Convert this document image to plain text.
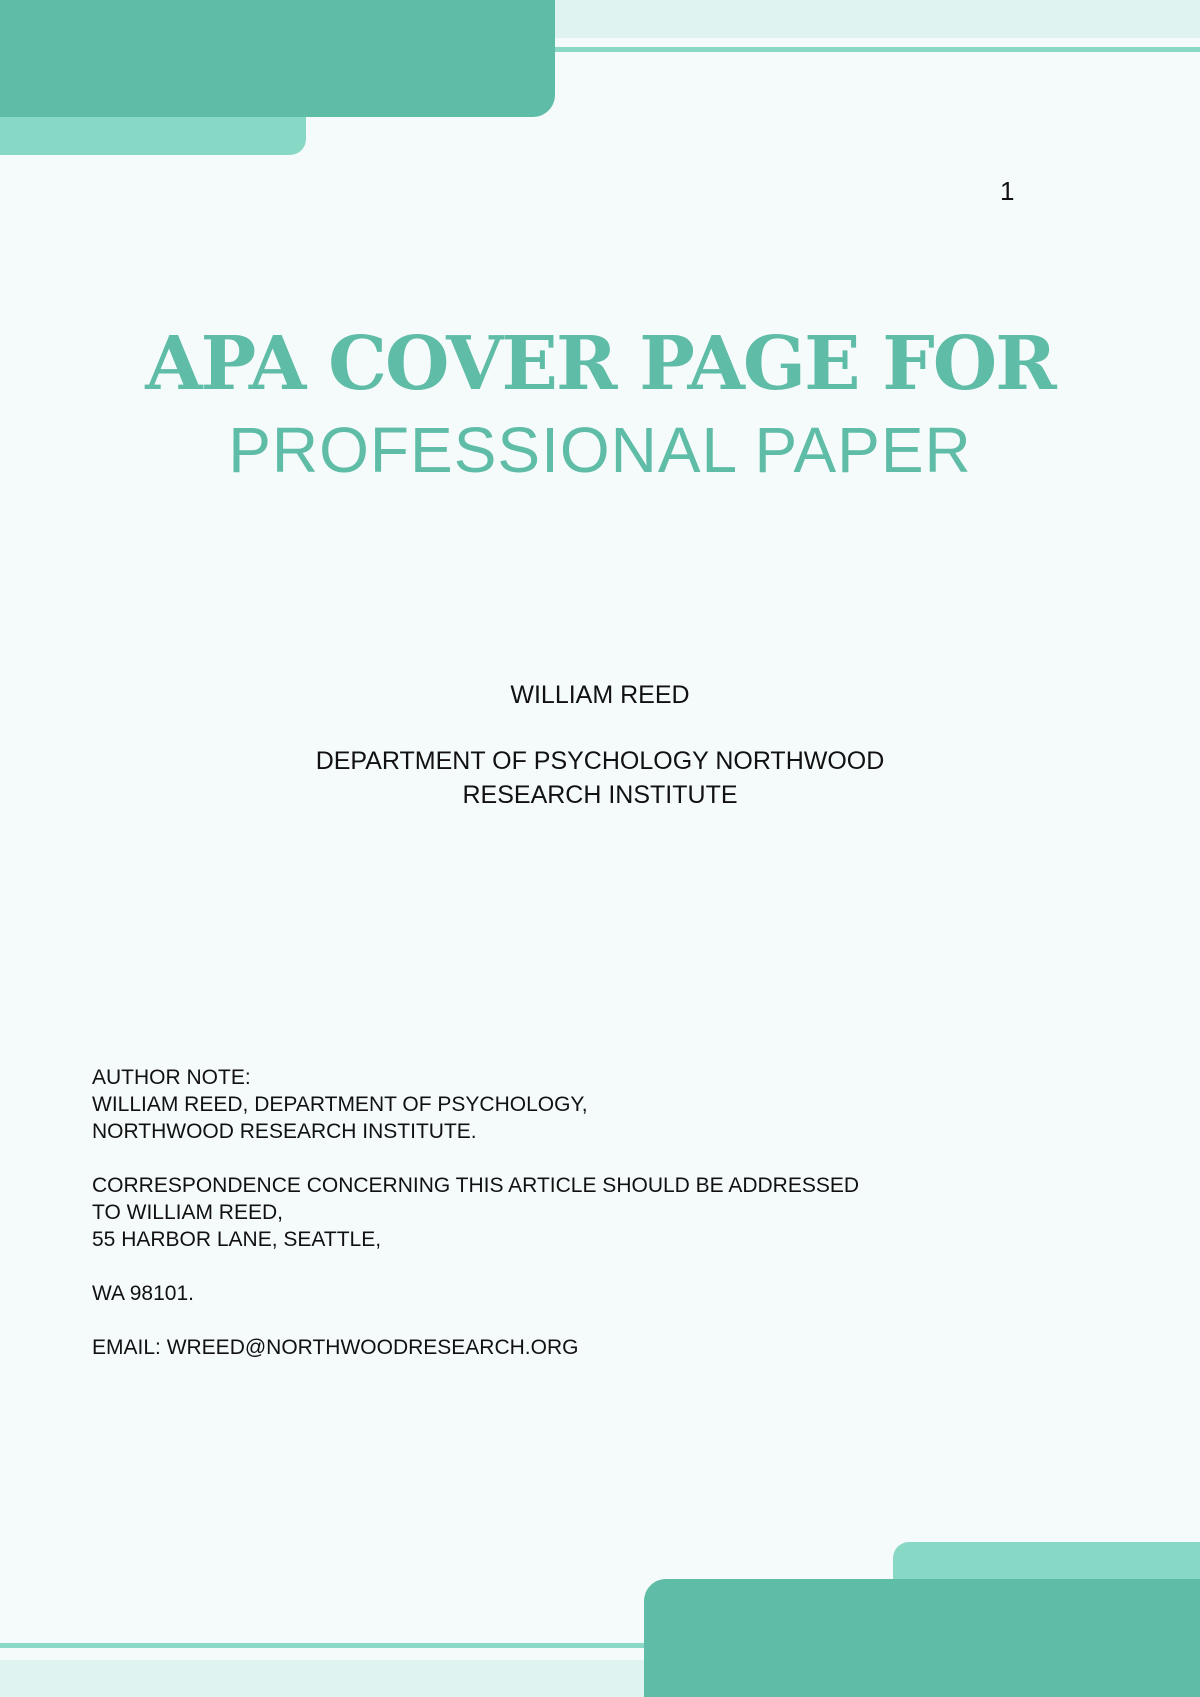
1
APA COVER PAGE FOR
PROFESSIONAL PAPER

WILLIAM REED

DEPARTMENT OF PSYCHOLOGY NORTHWOOD
RESEARCH INSTITUTE

AUTHOR NOTE:

WILLIAM REED, DEPARTMENT OF PSYCHOLOGY,

NORTHWOOD RESEARCH INSTITUTE.

CORRESPONDENCE CONCERNING THIS ARTICLE SHOULD BE ADDRESSED

TO WILLIAM REED,

55 HARBOR LANE, SEATTLE,

WA 98101.

EMAIL: WREED@NORTHWOODRESEARCH.ORG
